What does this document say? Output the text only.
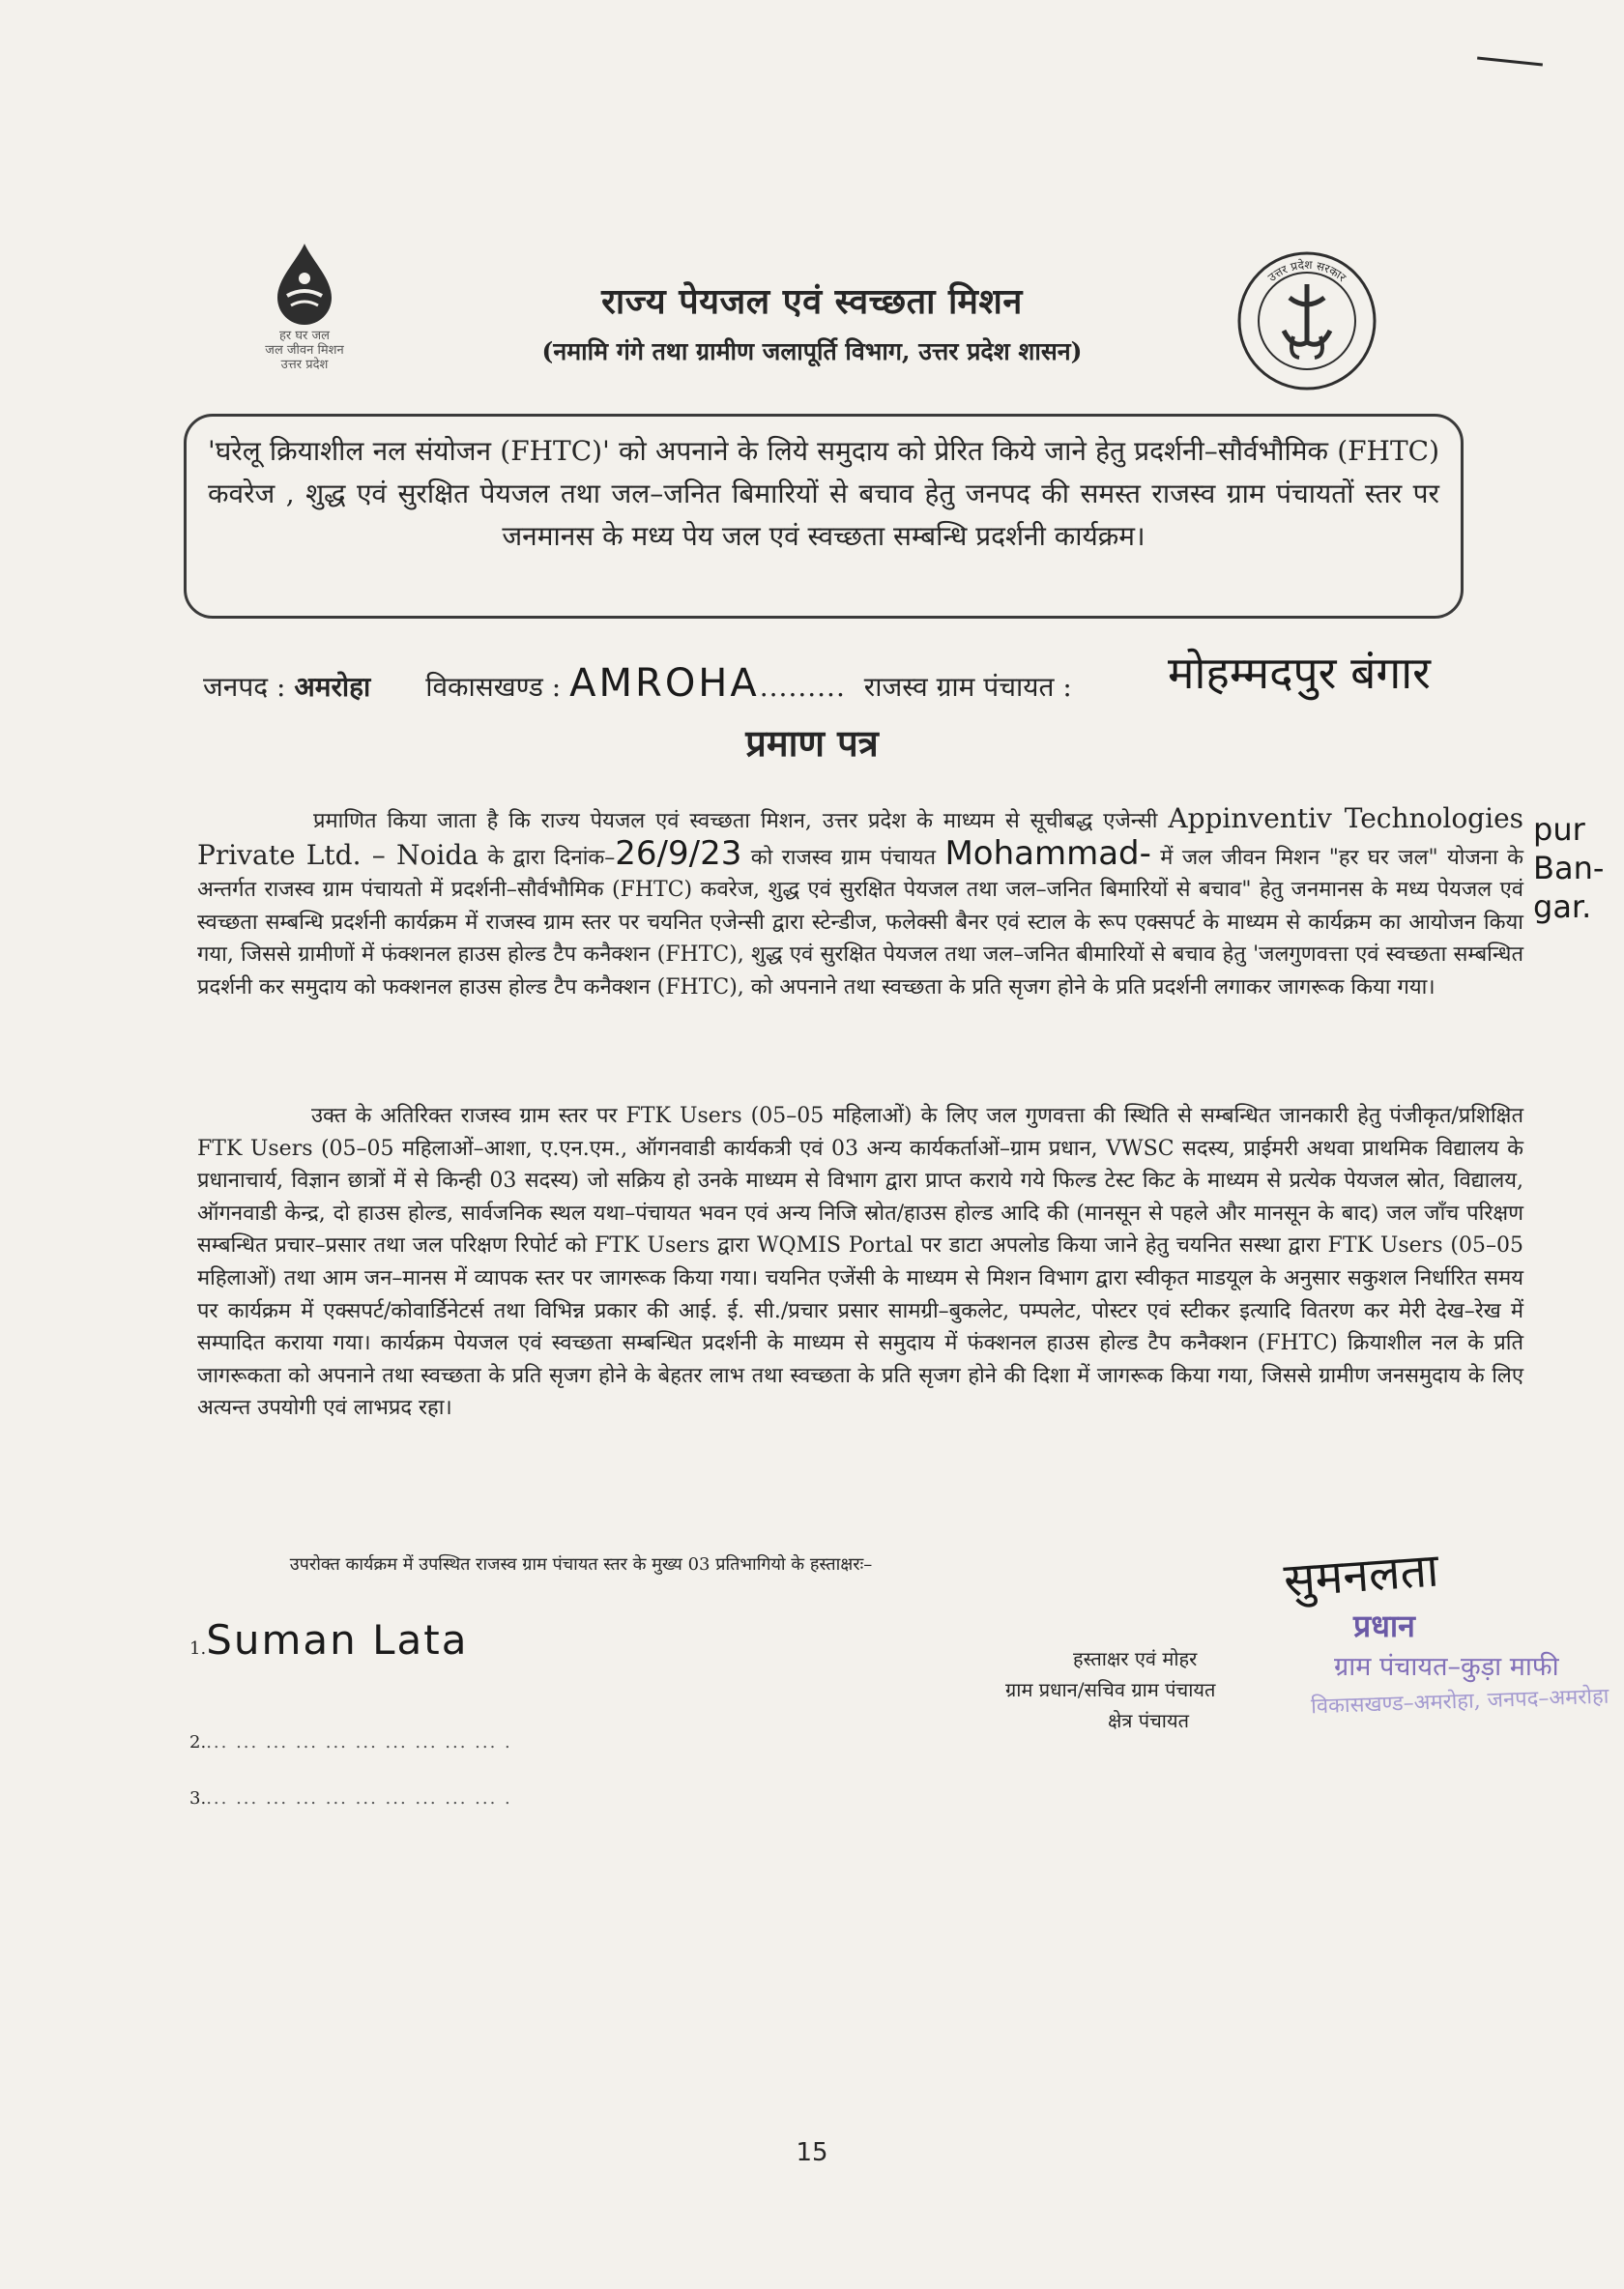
हर घर जल
जल जीवन मिशन
उत्तर प्रदेश
उत्तर प्रदेश सरकार
राज्य पेयजल एवं स्वच्छता मिशन
(नमामि गंगे तथा ग्रामीण जलापूर्ति विभाग, उत्तर प्रदेश शासन)
'घरेलू क्रियाशील नल संयोजन (FHTC)' को अपनाने के लिये समुदाय को प्रेरित किये जाने हेतु प्रदर्शनी–सौर्वभौमिक (FHTC) कवरेज , शुद्ध एवं सुरक्षित पेयजल तथा जल–जनित बिमारियों से बचाव हेतु जनपद की समस्त राजस्व ग्राम पंचायतों स्तर पर जनमानस के मध्य पेय जल एवं स्वच्छता सम्बन्धि प्रदर्शनी कार्यक्रम।
जनपद : अमरोहा विकासखण्ड : AMROHA......... राजस्व ग्राम पंचायत : मोहम्मदपुर बंगार
प्रमाण पत्र
प्रमाणित किया जाता है कि राज्य पेयजल एवं स्वच्छता मिशन, उत्तर प्रदेश के माध्यम से सूचीबद्ध एजेन्सी Appinventiv Technologies Private Ltd. – Noida के द्वारा दिनांक–26/9/23 को राजस्व ग्राम पंचायत Mohammad- में जल जीवन मिशन "हर घर जल" योजना के अन्तर्गत राजस्व ग्राम पंचायतो में प्रदर्शनी–सौर्वभौमिक (FHTC) कवरेज, शुद्ध एवं सुरक्षित पेयजल तथा जल–जनित बिमारियों से बचाव" हेतु जनमानस के मध्य पेयजल एवं स्वच्छता सम्बन्धि प्रदर्शनी कार्यक्रम में राजस्व ग्राम स्तर पर चयनित एजेन्सी द्वारा स्टेन्डीज, फलेक्सी बैनर एवं स्टाल के रूप एक्सपर्ट के माध्यम से कार्यक्रम का आयोजन किया गया, जिससे ग्रामीणों में फंक्शनल हाउस होल्ड टैप कनैक्शन (FHTC), शुद्ध एवं सुरक्षित पेयजल तथा जल–जनित बीमारियों से बचाव हेतु 'जलगुणवत्ता एवं स्वच्छता सम्बन्धित प्रदर्शनी कर समुदाय को फक्शनल हाउस होल्ड टैप कनैक्शन (FHTC), को अपनाने तथा स्वच्छता के प्रति सृजग होने के प्रति प्रदर्शनी लगाकर जागरूक किया गया।
pur Ban-gar.
उक्त के अतिरिक्त राजस्व ग्राम स्तर पर FTK Users (05–05 महिलाओं) के लिए जल गुणवत्ता की स्थिति से सम्बन्धित जानकारी हेतु पंजीकृत/प्रशिक्षित FTK Users (05–05 महिलाओं–आशा, ए.एन.एम., ऑगनवाडी कार्यकत्री एवं 03 अन्य कार्यकर्ताओं–ग्राम प्रधान, VWSC सदस्य, प्राईमरी अथवा प्राथमिक विद्यालय के प्रधानाचार्य, विज्ञान छात्रों में से किन्ही 03 सदस्य) जो सक्रिय हो उनके माध्यम से विभाग द्वारा प्राप्त कराये गये फिल्ड टेस्ट किट के माध्यम से प्रत्येक पेयजल स्रोत, विद्यालय, ऑगनवाडी केन्द्र, दो हाउस होल्ड, सार्वजनिक स्थल यथा–पंचायत भवन एवं अन्य निजि स्रोत/हाउस होल्ड आदि की (मानसून से पहले और मानसून के बाद) जल जाँच परिक्षण सम्बन्धित प्रचार–प्रसार तथा जल परिक्षण रिपोर्ट को FTK Users द्वारा WQMIS Portal पर डाटा अपलोड किया जाने हेतु चयनित सस्था द्वारा FTK Users (05–05 महिलाओं) तथा आम जन–मानस में व्यापक स्तर पर जागरूक किया गया। चयनित एजेंसी के माध्यम से मिशन विभाग द्वारा स्वीकृत माडयूल के अनुसार सकुशल निर्धारित समय पर कार्यक्रम में एक्सपर्ट/कोवार्डिनेटर्स तथा विभिन्न प्रकार की आई. ई. सी./प्रचार प्रसार सामग्री–बुकलेट, पम्पलेट, पोस्टर एवं स्टीकर इत्यादि वितरण कर मेरी देख–रेख में सम्पादित कराया गया। कार्यक्रम पेयजल एवं स्वच्छता सम्बन्धित प्रदर्शनी के माध्यम से समुदाय में फंक्शनल हाउस होल्ड टैप कनैक्शन (FHTC) क्रियाशील नल के प्रति जागरूकता को अपनाने तथा स्वच्छता के प्रति सृजग होने के बेहतर लाभ तथा स्वच्छता के प्रति सृजग होने की दिशा में जागरूक किया गया, जिससे ग्रामीण जनसमुदाय के लिए अत्यन्त उपयोगी एवं लाभप्रद रहा।
उपरोक्त कार्यक्रम में उपस्थित राजस्व ग्राम पंचायत स्तर के मुख्य 03 प्रतिभागियो के हस्ताक्षरः–
1.Suman Lata
2.... ... ... ... ... ... ... ... ... ... .
3.... ... ... ... ... ... ... ... ... ... .
सुमनलता
प्रधान
ग्राम पंचायत–कुड़ा माफी
विकासखण्ड–अमरोहा, जनपद–अमरोहा
हस्ताक्षर एवं मोहर
ग्राम प्रधान/सचिव ग्राम पंचायत
क्षेत्र पंचायत
15
